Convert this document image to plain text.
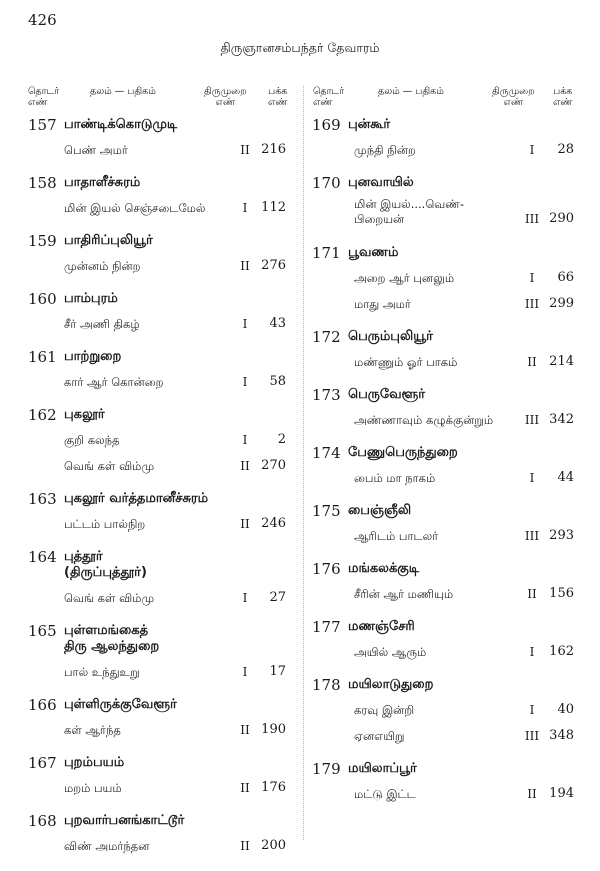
426
திருஞானசம்பந்தர் தேவாரம்
தொடர்
எண்
தலம் — பதிகம்	திருமுறை
எண்
பக்க
எண்
தொடர்
எண்
தலம் — பதிகம்	திருமுறை
எண்
பக்க
எண்
157 பாண்டிக்கொடுமுடி
பெண் அமர்	II 216
158 பாதாளீச்சுரம்
மின் இயல் செஞ்சடைமேல்	I	112
159 பாதிரிப்புலியூர்
முன்னம் நின்ற	II 276
160 பாம்புரம்
சீர் அணி திகழ்	I	43
161 பாற்றுறை
கார் ஆர் கொன்றை	I	58
162 புகலூர்
குறி கலந்த	I	2
வெங் கள் விம்மு	II 270
163 புகலூர் வர்த்தமானீச்சுரம்
பட்டம் பால்நிற	II 246
164 புத்தூர்
(திருப்புத்தூர்)
வெங் கள் விம்மு	I	27
165 புள்ளமங்கைத்
திரு ஆலந்துறை
பால் உந்துஉறு	I	17
166 புள்ளிருக்குவேளூர்
கள் ஆர்ந்த	II 190
167 புறம்பயம்
மறம் பயம்	II 176
168 புறவார்பனங்காட்டூர்
விண் அமர்ந்தன	II 200
169 புன்கூர்
முந்தி நின்ற	I	28
170 புனவாயில்
மின் இயல்....வெண்-
பிறையன்	III 290
171 பூவணம்
அறை ஆர் புனலும்	I	66
மாது அமர்	III 299
172 பெரும்புலியூர்
மண்ணும் ஓர் பாகம்	II 214
173 பெருவேளூர்
அண்ணாவும் கழுக்குன்றும்	III 342
174 பேணுபெருந்துறை
பைம் மா நாகம்	I	44
175 பைஞ்ஞீலி
ஆரிடம் பாடலர்	III 293
176 மங்கலக்குடி
சீரின் ஆர் மணியும்	II 156
177 மணஞ்சேரி
அயில் ஆரும்	I	162
178 மயிலாடுதுறை
கரவு இன்றி	I	40
ஏனஎயிறு	III 348
179 மயிலாப்பூர்
மட்டு இட்ட	II 194
